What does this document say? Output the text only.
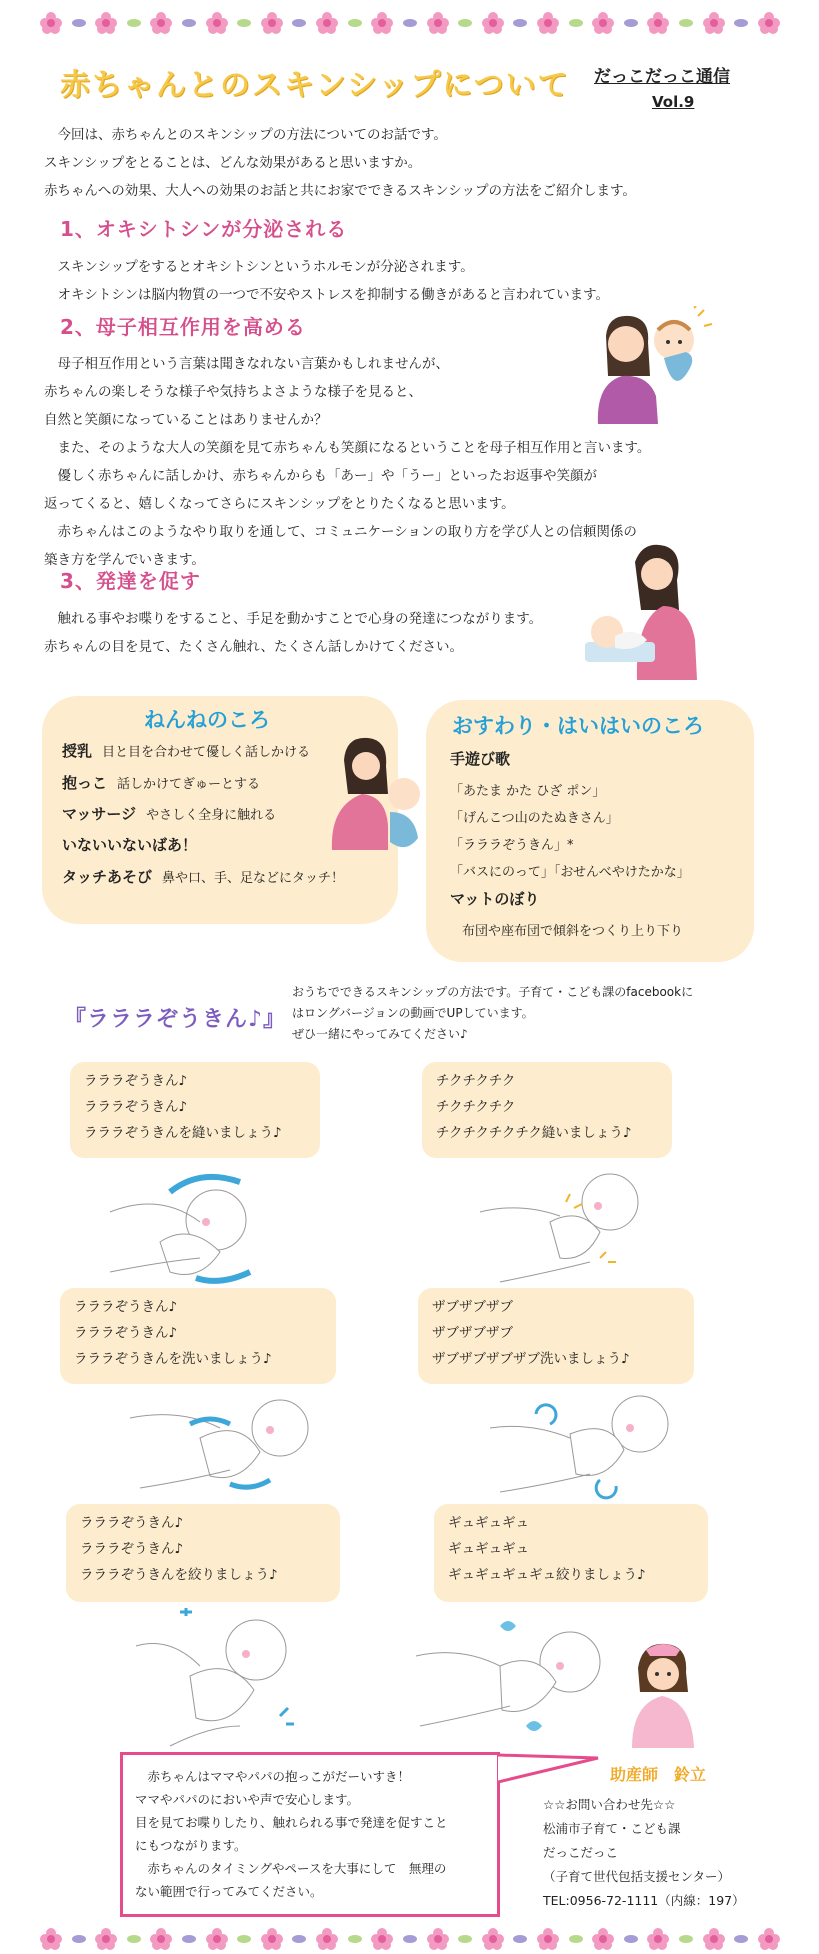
赤ちゃんとのスキンシップについて だっこだっこ通信
Vol.9
　今回は、赤ちゃんとのスキンシップの方法についてのお話です。
スキンシップをとることは、どんな効果があると思いますか。
赤ちゃんへの効果、大人への効果のお話と共にお家でできるスキンシップの方法をご紹介します。
1、オキシトシンが分泌される
　スキンシップをするとオキシトシンというホルモンが分泌されます。
　オキシトシンは脳内物質の一つで不安やストレスを抑制する働きがあると言われています。
2、母子相互作用を高める
　母子相互作用という言葉は聞きなれない言葉かもしれませんが、
赤ちゃんの楽しそうな様子や気持ちよさような様子を見ると、
自然と笑顔になっていることはありませんか？
　また、そのような大人の笑顔を見て赤ちゃんも笑顔になるということを母子相互作用と言います。
　優しく赤ちゃんに話しかけ、赤ちゃんからも「あー」や「うー」といったお返事や笑顔が
返ってくると、嬉しくなってさらにスキンシップをとりたくなると思います。
　赤ちゃんはこのようなやり取りを通して、コミュニケーションの取り方を学び人との信頼関係の
築き方を学んでいきます。
3、発達を促す
　触れる事やお喋りをすること、手足を動かすことで心身の発達につながります。
赤ちゃんの目を見て、たくさん触れ、たくさん話しかけてください。
ねんねのころ
授乳 目と目を合わせて優しく話しかける
抱っこ 話しかけてぎゅーとする
マッサージ やさしく全身に触れる
いないいないばあ！
タッチあそび 鼻や口、手、足などにタッチ！
おすわり・はいはいのころ
手遊び歌
「あたま かた ひざ ポン」
「げんこつ山のたぬきさん」
「ラララぞうきん」*
「バスにのって」「おせんべやけたかな」
マットのぼり
布団や座布団で傾斜をつくり上り下り
『ラララぞうきん♪』
おうちでできるスキンシップの方法です。子育て・こども課のfacebookに
はロングバージョンの動画でUPしています。
ぜひ一緒にやってみてください♪
ラララぞうきん♪
ラララぞうきん♪
ラララぞうきんを縫いましょう♪
チクチクチク
チクチクチク
チクチクチクチク縫いましょう♪
ラララぞうきん♪
ラララぞうきん♪
ラララぞうきんを洗いましょう♪
ザブザブザブ
ザブザブザブ
ザブザブザブザブ洗いましょう♪
ラララぞうきん♪
ラララぞうきん♪
ラララぞうきんを絞りましょう♪
ギュギュギュ
ギュギュギュ
ギュギュギュギュ絞りましょう♪
　赤ちゃんはママやパパの抱っこがだーいすき！
ママやパパのにおいや声で安心します。
目を見てお喋りしたり、触れられる事で発達を促すこと
にもつながります。
　赤ちゃんのタイミングやペースを大事にして　無理の
ない範囲で行ってみてください。
助産師　鈴立
☆☆お問い合わせ先☆☆
松浦市子育て・こども課
だっこだっこ
（子育て世代包括支援センター）
TEL:0956-72-1111（内線：197）
